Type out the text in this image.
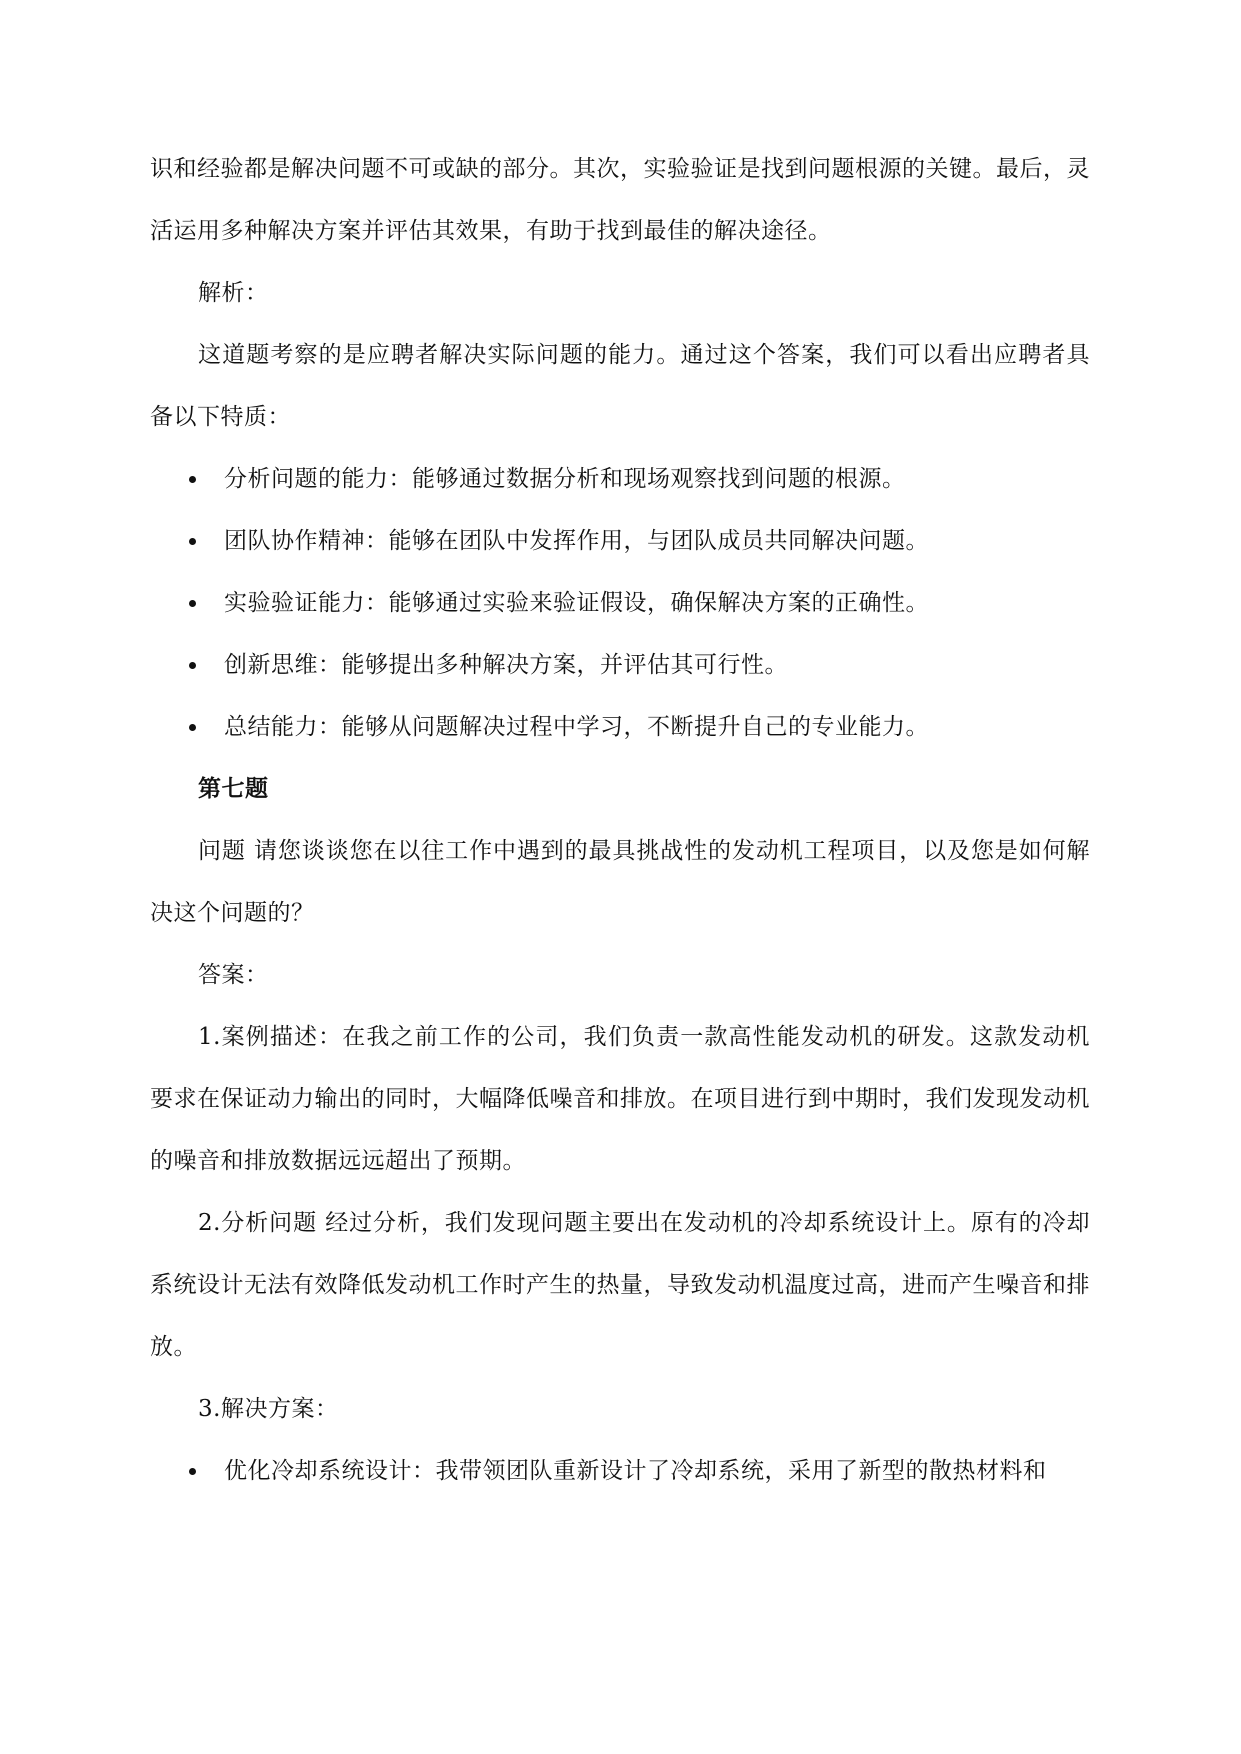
识和经验都是解决问题不可或缺的部分。其次，实验验证是找到问题根源的关键。最后，灵活运用多种解决方案并评估其效果，有助于找到最佳的解决途径。

解析：

这道题考察的是应聘者解决实际问题的能力。通过这个答案，我们可以看出应聘者具备以下特质：

分析问题的能力：能够通过数据分析和现场观察找到问题的根源。
团队协作精神：能够在团队中发挥作用，与团队成员共同解决问题。
实验验证能力：能够通过实验来验证假设，确保解决方案的正确性。
创新思维：能够提出多种解决方案，并评估其可行性。
总结能力：能够从问题解决过程中学习，不断提升自己的专业能力。

第七题

问题 请您谈谈您在以往工作中遇到的最具挑战性的发动机工程项目，以及您是如何解决这个问题的？

答案：

1.案例描述：在我之前工作的公司，我们负责一款高性能发动机的研发。这款发动机要求在保证动力输出的同时，大幅降低噪音和排放。在项目进行到中期时，我们发现发动机的噪音和排放数据远远超出了预期。

2.分析问题 经过分析，我们发现问题主要出在发动机的冷却系统设计上。原有的冷却系统设计无法有效降低发动机工作时产生的热量，导致发动机温度过高，进而产生噪音和排放。

3.解决方案：

优化冷却系统设计：我带领团队重新设计了冷却系统，采用了新型的散热材料和
